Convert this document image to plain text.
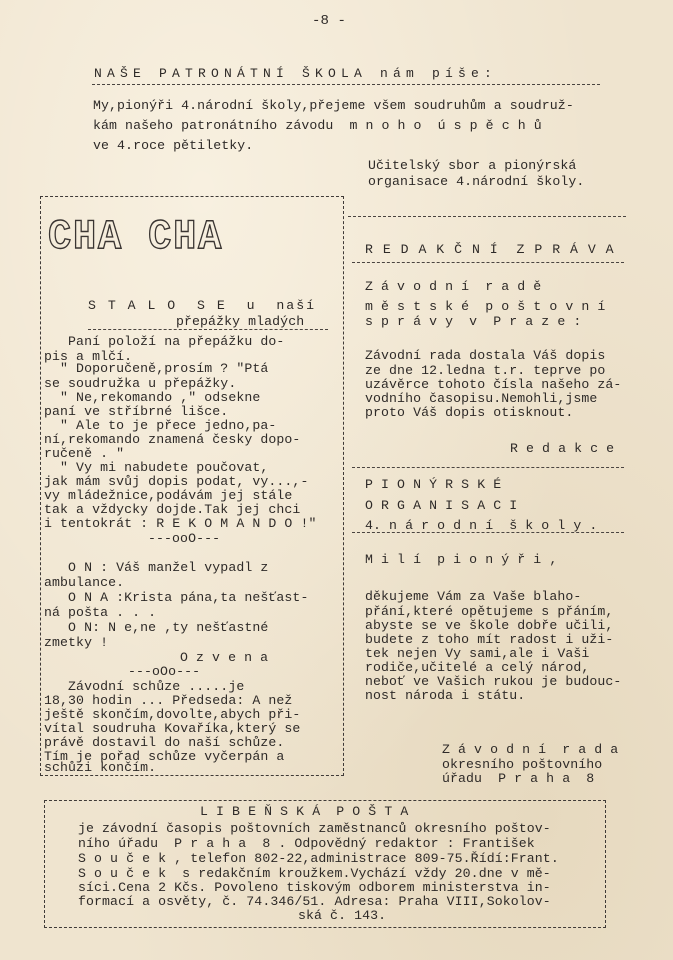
-8 -
NAŠE PATRONÁTNÍ ŠKOLA nám píše:
My,pionýři 4.národní školy,přejeme všem soudruhům a soudruž-
kám našeho patronátního závodu  m n o h o  ú s p ě c h ů
ve 4.roce pětiletky.
Učitelský sbor a pionýrská
organisace 4.národní školy.
CHA CHA
S T A L O  S E  u  naší
přepážky mladých
Paní položí na přepážku do-
pis a mlčí.
" Doporučeně,prosím ? "Ptá
se soudružka u přepážky.
" Ne,rekomando ," odsekne
paní ve stříbrné lišce.
" Ale to je přece jedno,pa-
ní,rekomando znamená česky dopo-
ručeně . "
" Vy mi nabudete poučovat,
jak mám svůj dopis podat, vy...,-
vy mládežnice,podávám jej stále
tak a vždycky dojde.Tak jej chci
i tentokrát : R E K O M A N D O !"
---ooO---
O N : Váš manžel vypadl z
ambulance.
O N A :Krista pána,ta nešťast-
ná pošta . . .
O N: N e,ne ,ty nešťastné
zmetky !
O z v e n a
---oOo---
Závodní schůze .....je
18,30 hodin ... Předseda: A než
ještě skončím,dovolte,abych při-
vítal soudruha Kovaříka,který se
právě dostavil do naší schůze.
Tím je pořad schůze vyčerpán a
schůzi končím.
R E D A K Č N Í  Z P R Á V A
Z á v o d n í  r a d ě
m ě s t s k é  p o š t o v n í
s p r á v y  v  P r a z e :
Závodní rada dostala Váš dopis
ze dne 12.ledna t.r. teprve po
uzávěrce tohoto čísla našeho zá-
vodního časopisu.Nemohli,jsme
proto Váš dopis otisknout.
R e d a k c e
P I O N Ý R S K É
O R G A N I S A C I
4. n á r o d n í  š k o l y .
M i l í  p i o n ý ř i ,
děkujeme Vám za Vaše blaho-
přání,které opětujeme s přáním,
abyste se ve škole dobře učili,
budete z toho mít radost i uži-
tek nejen Vy sami,ale i Vaši
rodiče,učitelé a celý národ,
neboť ve Vašich rukou je budouc-
nost národa i státu.
Z á v o d n í  r a d a
okresního poštovního
úřadu  P r a h a  8
L I B E Ň S K Á  P O Š T A
je závodní časopis poštovních zaměstnanců okresního poštov-
ního úřadu  P r a h a  8 . Odpovědný redaktor : František
S o u č e k , telefon 802-22,administrace 809-75.Řídí:Frant.
S o u č e k  s redakčním kroužkem.Vychází vždy 20.dne v mě-
síci.Cena 2 Kčs. Povoleno tiskovým odborem ministerstva in-
formací a osvěty, č. 74.346/51. Adresa: Praha VIII,Sokolov-
ská č. 143.
